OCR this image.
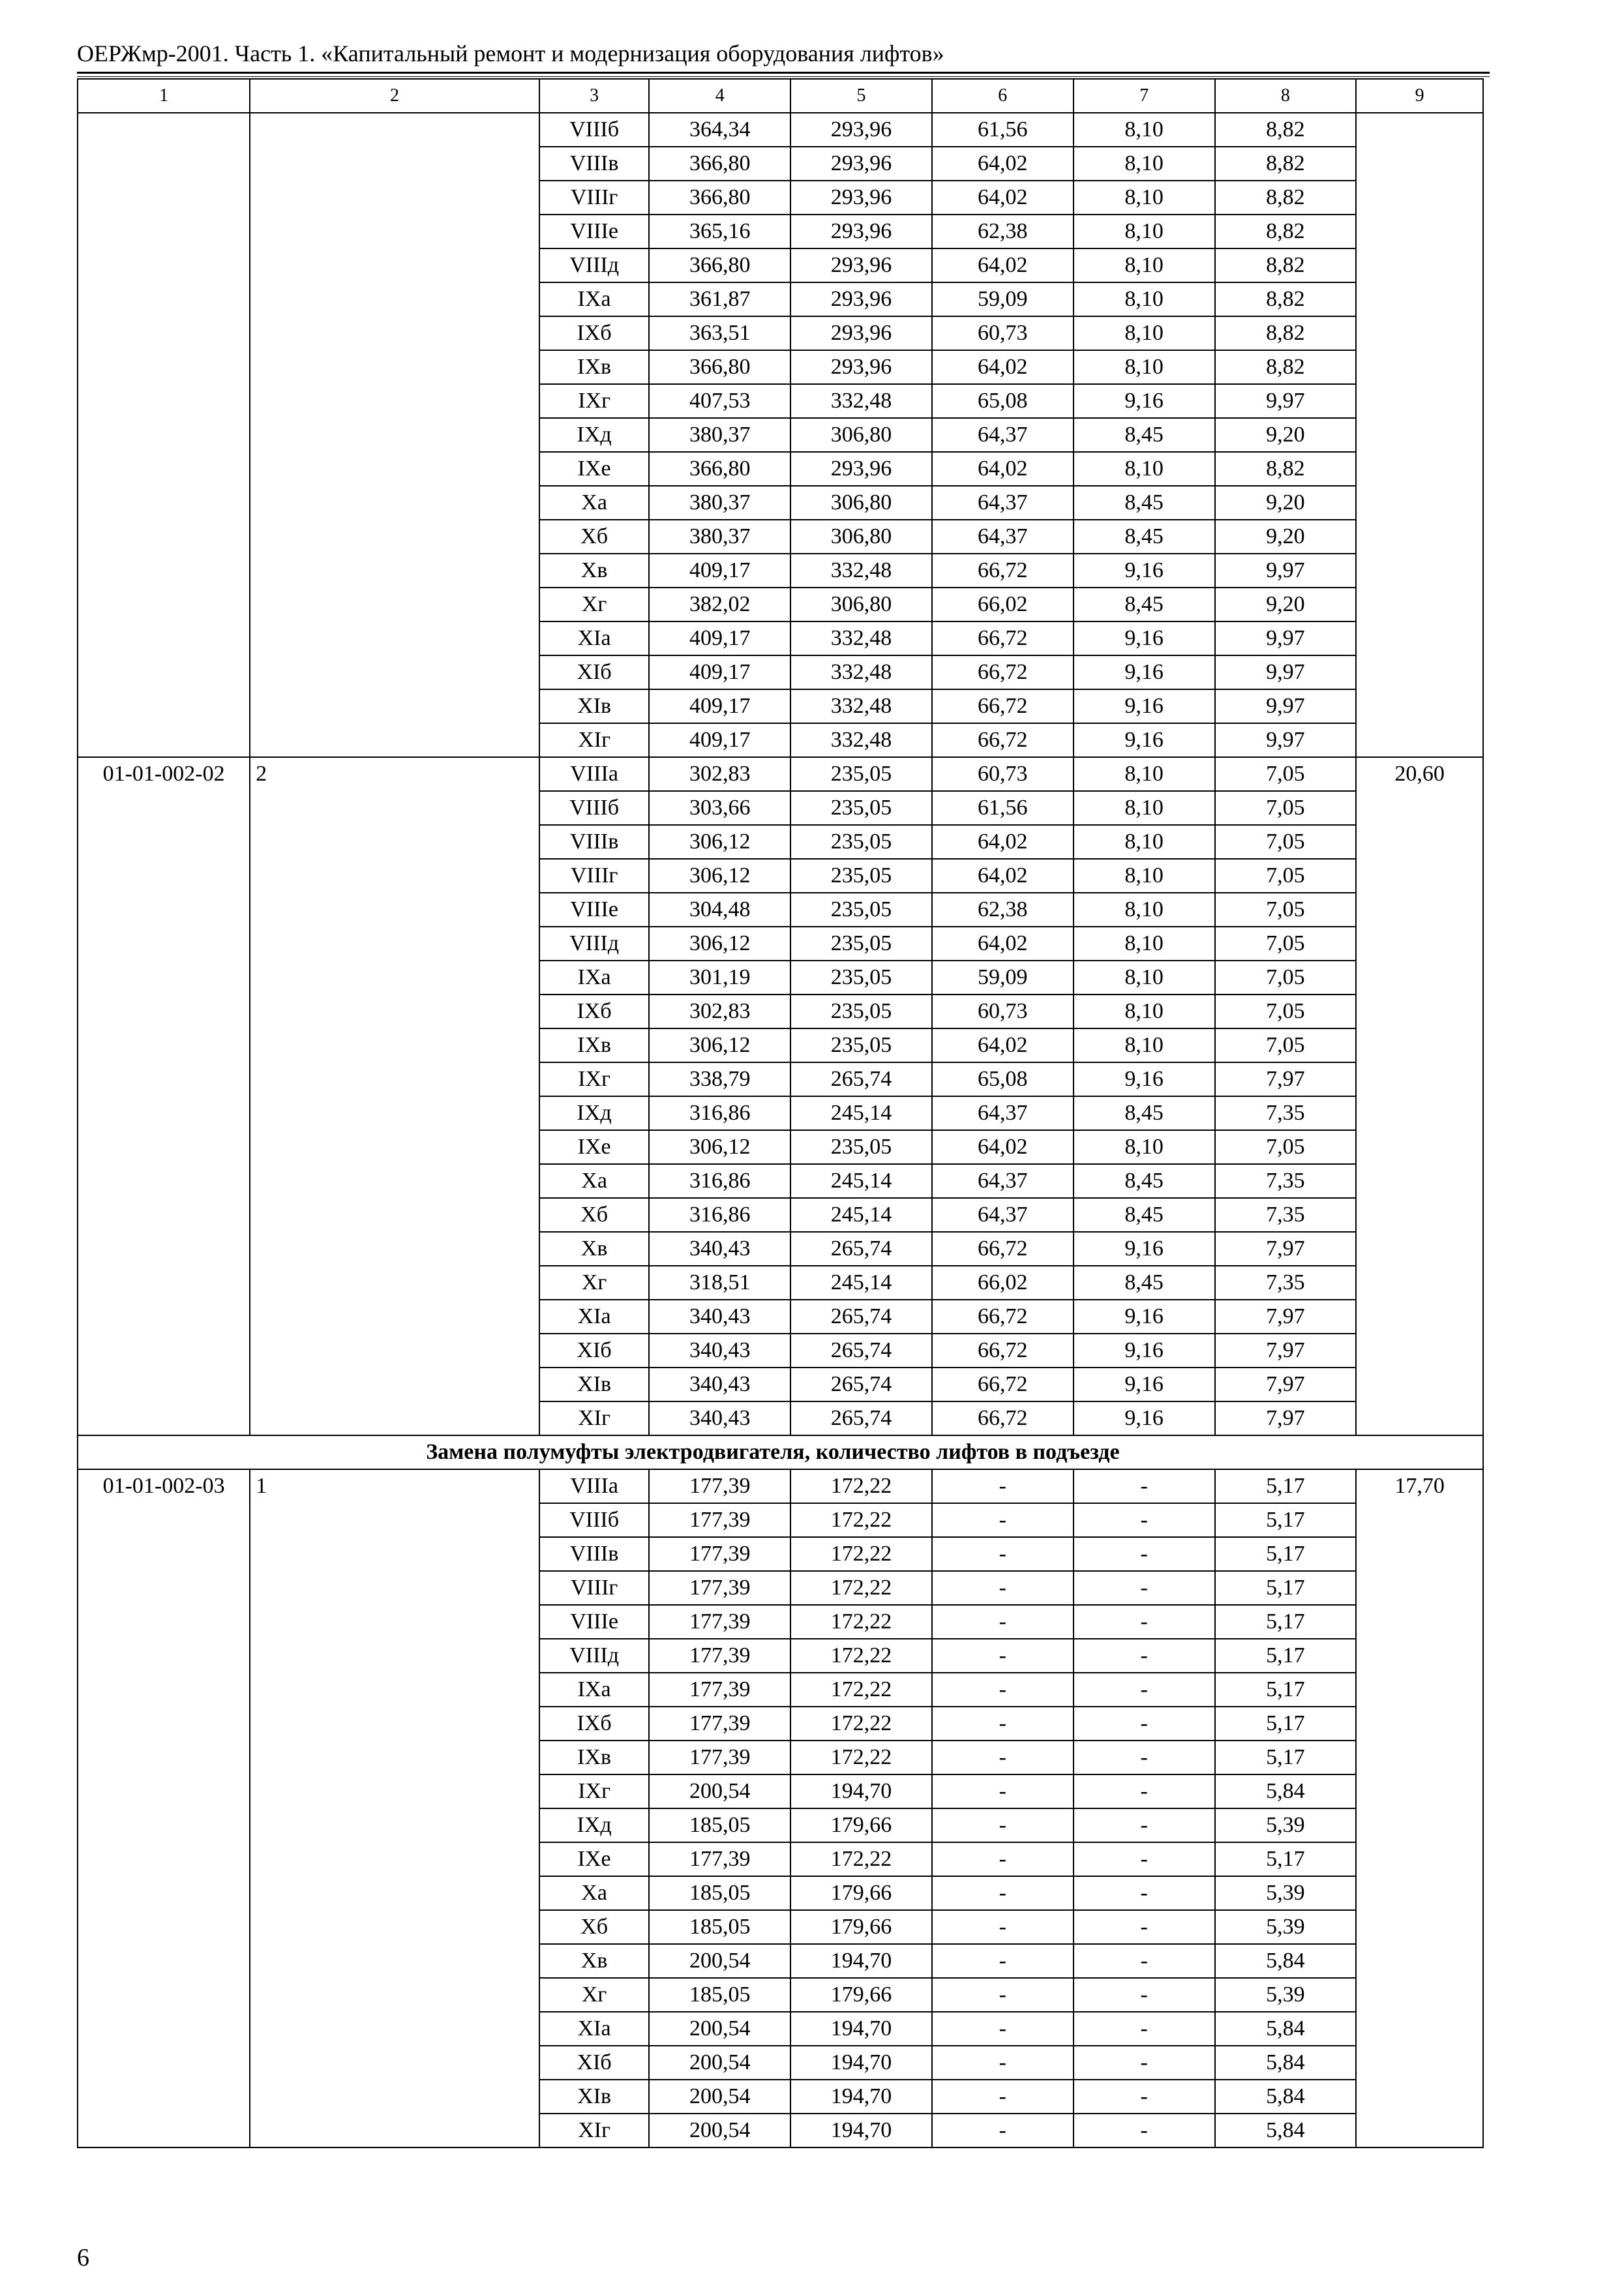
ОЕРЖмр-2001. Часть 1. «Капитальный ремонт и модернизация оборудования лифтов»
1	2	3	4	5	6	7	8	9
		VIIIб	364,34	293,96	61,56	8,10	8,82	
		VIIIв	366,80	293,96	64,02	8,10	8,82	
		VIIIг	366,80	293,96	64,02	8,10	8,82	
		VIIIе	365,16	293,96	62,38	8,10	8,82	
		VIIIд	366,80	293,96	64,02	8,10	8,82	
		IXа	361,87	293,96	59,09	8,10	8,82	
		IXб	363,51	293,96	60,73	8,10	8,82	
		IXв	366,80	293,96	64,02	8,10	8,82	
		IXг	407,53	332,48	65,08	9,16	9,97	
		IXд	380,37	306,80	64,37	8,45	9,20	
		IXе	366,80	293,96	64,02	8,10	8,82	
		Xа	380,37	306,80	64,37	8,45	9,20	
		Xб	380,37	306,80	64,37	8,45	9,20	
		Xв	409,17	332,48	66,72	9,16	9,97	
		Xг	382,02	306,80	66,02	8,45	9,20	
		XIа	409,17	332,48	66,72	9,16	9,97	
		XIб	409,17	332,48	66,72	9,16	9,97	
		XIв	409,17	332,48	66,72	9,16	9,97	
		XIг	409,17	332,48	66,72	9,16	9,97	
01-01-002-02	2	VIIIа	302,83	235,05	60,73	8,10	7,05	20,60
		VIIIб	303,66	235,05	61,56	8,10	7,05	
		VIIIв	306,12	235,05	64,02	8,10	7,05	
		VIIIг	306,12	235,05	64,02	8,10	7,05	
		VIIIе	304,48	235,05	62,38	8,10	7,05	
		VIIIд	306,12	235,05	64,02	8,10	7,05	
		IXа	301,19	235,05	59,09	8,10	7,05	
		IXб	302,83	235,05	60,73	8,10	7,05	
		IXв	306,12	235,05	64,02	8,10	7,05	
		IXг	338,79	265,74	65,08	9,16	7,97	
		IXд	316,86	245,14	64,37	8,45	7,35	
		IXе	306,12	235,05	64,02	8,10	7,05	
		Xа	316,86	245,14	64,37	8,45	7,35	
		Xб	316,86	245,14	64,37	8,45	7,35	
		Xв	340,43	265,74	66,72	9,16	7,97	
		Xг	318,51	245,14	66,02	8,45	7,35	
		XIа	340,43	265,74	66,72	9,16	7,97	
		XIб	340,43	265,74	66,72	9,16	7,97	
		XIв	340,43	265,74	66,72	9,16	7,97	
		XIг	340,43	265,74	66,72	9,16	7,97	
	Замена полумуфты электродвигателя, количество лифтов в подъезде							
01-01-002-03	1	VIIIа	177,39	172,22	-	-	5,17	17,70
		VIIIб	177,39	172,22	-	-	5,17	
		VIIIв	177,39	172,22	-	-	5,17	
		VIIIг	177,39	172,22	-	-	5,17	
		VIIIе	177,39	172,22	-	-	5,17	
		VIIIд	177,39	172,22	-	-	5,17	
		IXа	177,39	172,22	-	-	5,17	
		IXб	177,39	172,22	-	-	5,17	
		IXв	177,39	172,22	-	-	5,17	
		IXг	200,54	194,70	-	-	5,84	
		IXд	185,05	179,66	-	-	5,39	
		IXе	177,39	172,22	-	-	5,17	
		Xа	185,05	179,66	-	-	5,39	
		Xб	185,05	179,66	-	-	5,39	
		Xв	200,54	194,70	-	-	5,84	
		Xг	185,05	179,66	-	-	5,39	
		XIа	200,54	194,70	-	-	5,84	
		XIб	200,54	194,70	-	-	5,84	
		XIв	200,54	194,70	-	-	5,84	
		XIг	200,54	194,70	-	-	5,84	
6
